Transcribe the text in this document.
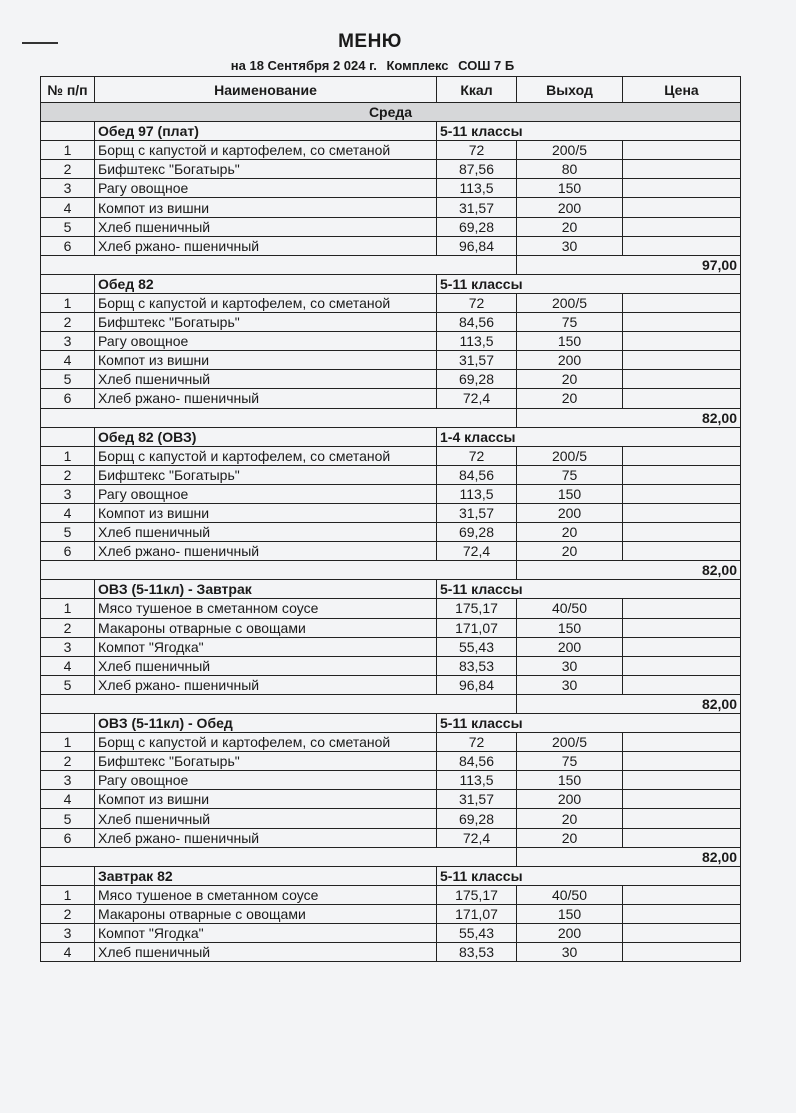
МЕНЮ
на 18 Сентября 2 024 г. Комплекс СОШ 7 Б
№ п/п	Наименование	Ккал	Выход	Цена
Среда				
	Обед 97 (плат)	5-11 классы		
1	Борщ с капустой и картофелем, со сметаной	72	200/5	
2	Бифштекс "Богатырь"	87,56	80	
3	Рагу овощное	113,5	150	
4	Компот из вишни	31,57	200	
5	Хлеб пшеничный	69,28	20	
6	Хлеб ржано- пшеничный	96,84	30	
			97,00	
	Обед 82	5-11 классы		
1	Борщ с капустой и картофелем, со сметаной	72	200/5	
2	Бифштекс "Богатырь"	84,56	75	
3	Рагу овощное	113,5	150	
4	Компот из вишни	31,57	200	
5	Хлеб пшеничный	69,28	20	
6	Хлеб ржано- пшеничный	72,4	20	
			82,00	
	Обед 82 (ОВЗ)	1-4 классы		
1	Борщ с капустой и картофелем, со сметаной	72	200/5	
2	Бифштекс "Богатырь"	84,56	75	
3	Рагу овощное	113,5	150	
4	Компот из вишни	31,57	200	
5	Хлеб пшеничный	69,28	20	
6	Хлеб ржано- пшеничный	72,4	20	
			82,00	
	ОВЗ (5-11кл) - Завтрак	5-11 классы		
1	Мясо тушеное в сметанном соусе	175,17	40/50	
2	Макароны отварные с овощами	171,07	150	
3	Компот "Ягодка"	55,43	200	
4	Хлеб пшеничный	83,53	30	
5	Хлеб ржано- пшеничный	96,84	30	
			82,00	
	ОВЗ (5-11кл) - Обед	5-11 классы		
1	Борщ с капустой и картофелем, со сметаной	72	200/5	
2	Бифштекс "Богатырь"	84,56	75	
3	Рагу овощное	113,5	150	
4	Компот из вишни	31,57	200	
5	Хлеб пшеничный	69,28	20	
6	Хлеб ржано- пшеничный	72,4	20	
			82,00	
	Завтрак 82	5-11 классы		
1	Мясо тушеное в сметанном соусе	175,17	40/50	
2	Макароны отварные с овощами	171,07	150	
3	Компот "Ягодка"	55,43	200	
4	Хлеб пшеничный	83,53	30	
